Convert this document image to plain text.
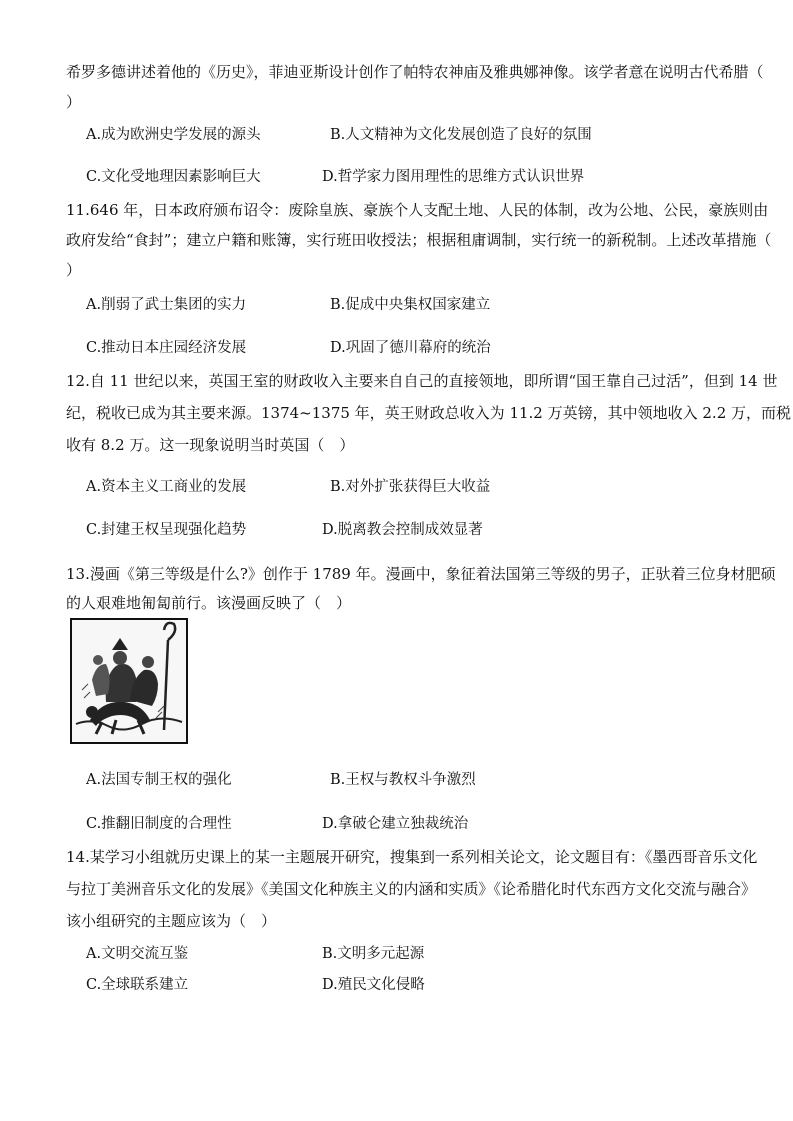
希罗多德讲述着他的《历史》，菲迪亚斯设计创作了帕特农神庙及雅典娜神像。该学者意在说明古代希腊（
）
A.成为欧洲史学发展的源头	B.人文精神为文化发展创造了良好的氛围
C.文化受地理因素影响巨大	D.哲学家力图用理性的思维方式认识世界
11.646 年，日本政府颁布诏令：废除皇族、豪族个人支配土地、人民的体制，改为公地、公民，豪族则由
政府发给“食封”；建立户籍和账簿，实行班田收授法；根据租庸调制，实行统一的新税制。上述改革措施（
）
A.削弱了武士集团的实力	B.促成中央集权国家建立
C.推动日本庄园经济发展	D.巩固了德川幕府的统治
12.自 11 世纪以来，英国王室的财政收入主要来自自己的直接领地，即所谓“国王靠自己过活”，但到 14 世
纪，税收已成为其主要来源。1374~1375 年，英王财政总收入为 11.2 万英镑，其中领地收入 2.2 万，而税
收有 8.2 万。这一现象说明当时英国（　）
A.资本主义工商业的发展	B.对外扩张获得巨大收益
C.封建王权呈现强化趋势	D.脱离教会控制成效显著
13.漫画《第三等级是什么?》创作于 1789 年。漫画中，象征着法国第三等级的男子，正驮着三位身材肥硕
的人艰难地匍匐前行。该漫画反映了（　）
A.法国专制王权的强化	B.王权与教权斗争激烈
C.推翻旧制度的合理性	D.拿破仑建立独裁统治
14.某学习小组就历史课上的某一主题展开研究，搜集到一系列相关论文，论文题目有：《墨西哥音乐文化
与拉丁美洲音乐文化的发展》《美国文化种族主义的内涵和实质》《论希腊化时代东西方文化交流与融合》
该小组研究的主题应该为（　）
A.文明交流互鉴	B.文明多元起源
C.全球联系建立	D.殖民文化侵略
